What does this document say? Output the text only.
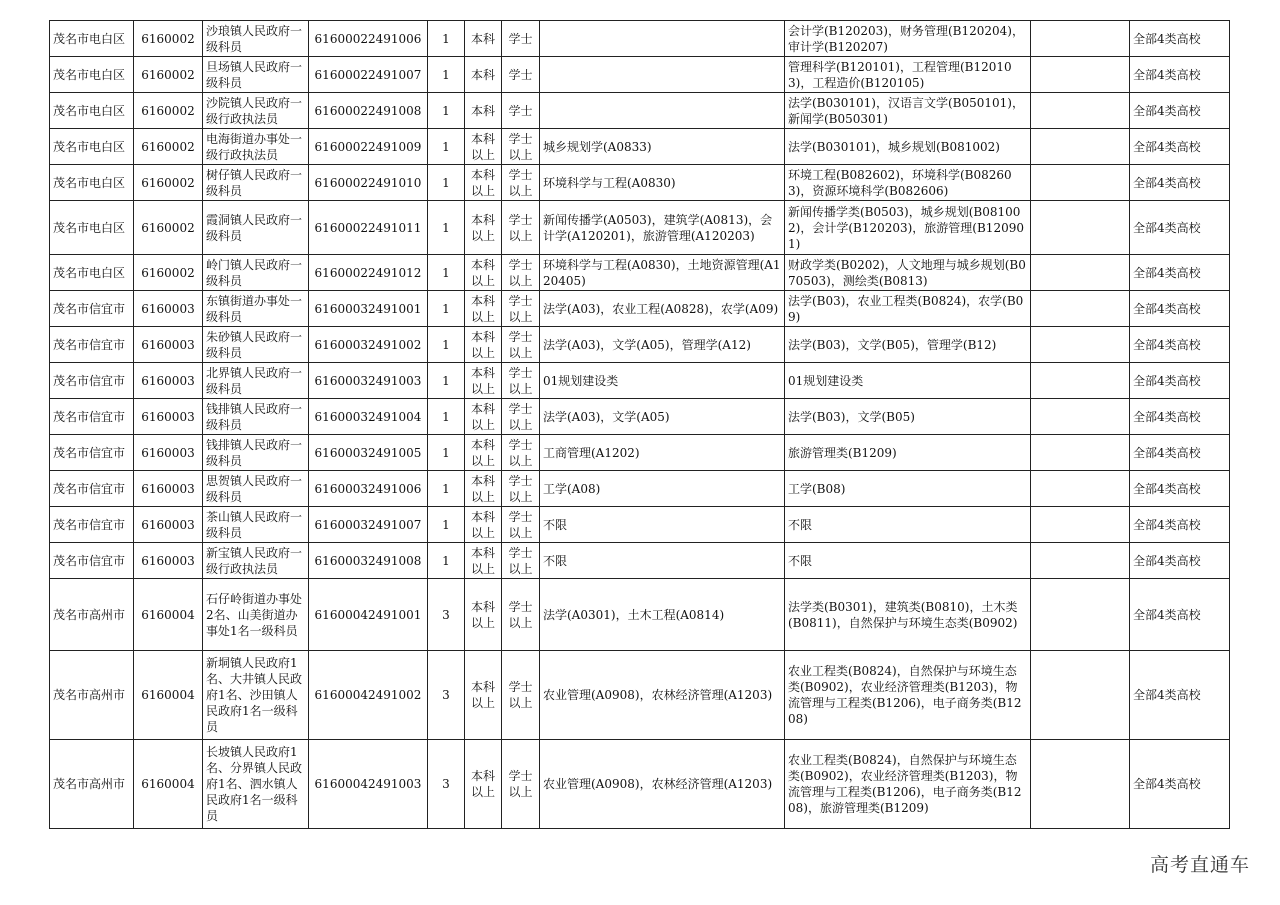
茂名市电白区	6160002	沙琅镇人民政府一级科员	61600022491006	1	本科	学士		会计学(B120203)，财务管理(B120204)，审计学(B120207)		全部4类高校
茂名市电白区	6160002	旦场镇人民政府一级科员	61600022491007	1	本科	学士		管理科学(B120101)，工程管理(B120103)，工程造价(B120105)		全部4类高校
茂名市电白区	6160002	沙院镇人民政府一级行政执法员	61600022491008	1	本科	学士		法学(B030101)，汉语言文学(B050101)，新闻学(B050301)		全部4类高校
茂名市电白区	6160002	电海街道办事处一级行政执法员	61600022491009	1	本科以上	学士以上	城乡规划学(A0833)	法学(B030101)，城乡规划(B081002)		全部4类高校
茂名市电白区	6160002	树仔镇人民政府一级科员	61600022491010	1	本科以上	学士以上	环境科学与工程(A0830)	环境工程(B082602)，环境科学(B082603)，资源环境科学(B082606)		全部4类高校
茂名市电白区	6160002	霞洞镇人民政府一级科员	61600022491011	1	本科以上	学士以上	新闻传播学(A0503)，建筑学(A0813)，会计学(A120201)，旅游管理(A120203)	新闻传播学类(B0503)，城乡规划(B081002)，会计学(B120203)，旅游管理(B120901)		全部4类高校
茂名市电白区	6160002	岭门镇人民政府一级科员	61600022491012	1	本科以上	学士以上	环境科学与工程(A0830)，土地资源管理(A120405)	财政学类(B0202)，人文地理与城乡规划(B070503)，测绘类(B0813)		全部4类高校
茂名市信宜市	6160003	东镇街道办事处一级科员	61600032491001	1	本科以上	学士以上	法学(A03)，农业工程(A0828)，农学(A09)	法学(B03)，农业工程类(B0824)，农学(B09)		全部4类高校
茂名市信宜市	6160003	朱砂镇人民政府一级科员	61600032491002	1	本科以上	学士以上	法学(A03)，文学(A05)，管理学(A12)	法学(B03)，文学(B05)，管理学(B12)		全部4类高校
茂名市信宜市	6160003	北界镇人民政府一级科员	61600032491003	1	本科以上	学士以上	01规划建设类	01规划建设类		全部4类高校
茂名市信宜市	6160003	钱排镇人民政府一级科员	61600032491004	1	本科以上	学士以上	法学(A03)，文学(A05)	法学(B03)，文学(B05)		全部4类高校
茂名市信宜市	6160003	钱排镇人民政府一级科员	61600032491005	1	本科以上	学士以上	工商管理(A1202)	旅游管理类(B1209)		全部4类高校
茂名市信宜市	6160003	思贺镇人民政府一级科员	61600032491006	1	本科以上	学士以上	工学(A08)	工学(B08)		全部4类高校
茂名市信宜市	6160003	茶山镇人民政府一级科员	61600032491007	1	本科以上	学士以上	不限	不限		全部4类高校
茂名市信宜市	6160003	新宝镇人民政府一级行政执法员	61600032491008	1	本科以上	学士以上	不限	不限		全部4类高校
茂名市高州市	6160004	石仔岭街道办事处2名、山美街道办事处1名一级科员	61600042491001	3	本科以上	学士以上	法学(A0301)，土木工程(A0814)	法学类(B0301)，建筑类(B0810)，土木类(B0811)，自然保护与环境生态类(B0902)		全部4类高校
茂名市高州市	6160004	新垌镇人民政府1名、大井镇人民政府1名、沙田镇人民政府1名一级科员	61600042491002	3	本科以上	学士以上	农业管理(A0908)，农林经济管理(A1203)	农业工程类(B0824)，自然保护与环境生态类(B0902)，农业经济管理类(B1203)，物流管理与工程类(B1206)，电子商务类(B1208)		全部4类高校
茂名市高州市	6160004	长坡镇人民政府1名、分界镇人民政府1名、泗水镇人民政府1名一级科员	61600042491003	3	本科以上	学士以上	农业管理(A0908)，农林经济管理(A1203)	农业工程类(B0824)，自然保护与环境生态类(B0902)，农业经济管理类(B1203)，物流管理与工程类(B1206)，电子商务类(B1208)，旅游管理类(B1209)		全部4类高校
高考直通车
